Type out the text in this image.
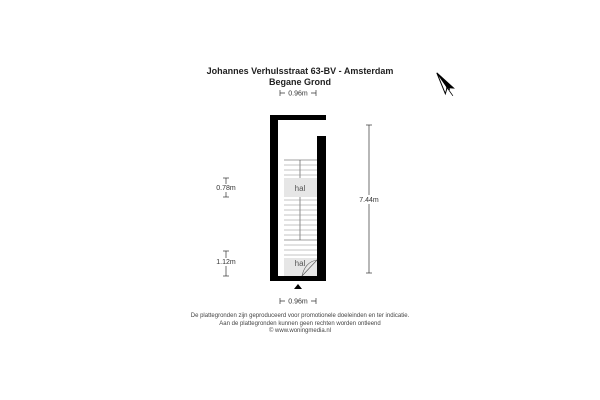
Johannes Verhulsstraat 63-BV - Amsterdam
Begane Grond
N
0.96m
hal
hal
0.78m
1.12m
7.44m
0.96m
De plattegronden zijn geproduceerd voor promotionele doeleinden en ter indicatie.
Aan de plattegronden kunnen geen rechten worden ontleend
© www.woningmedia.nl
